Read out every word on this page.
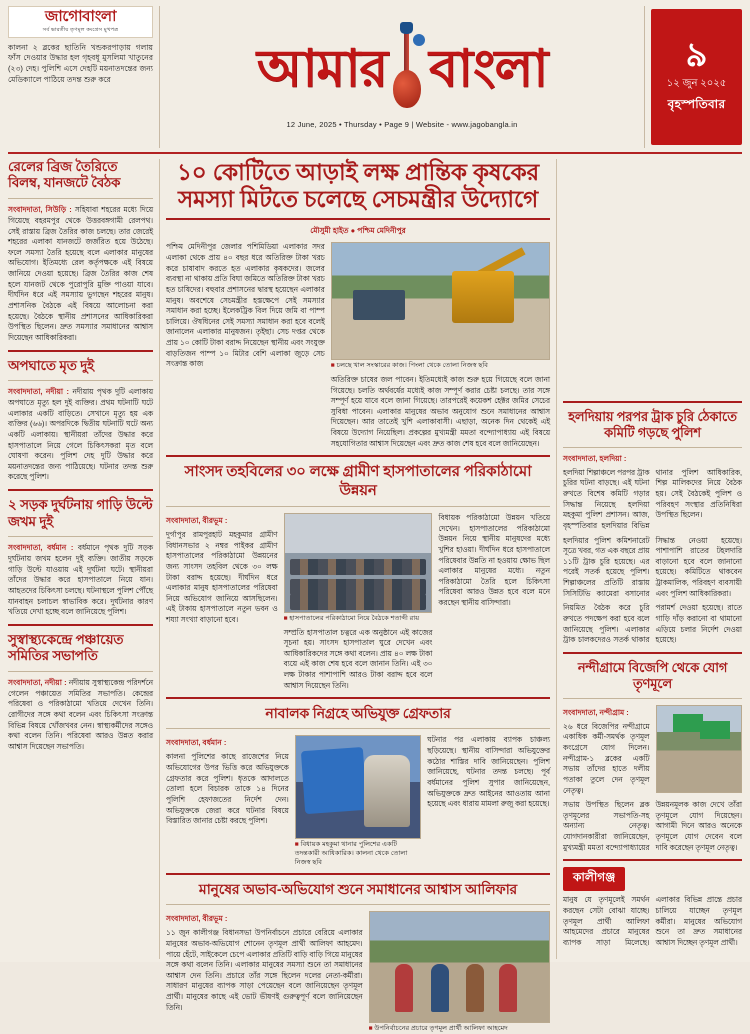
জাগোবাংলা
সর্ব ভারতীয় তৃণমূল কংগ্রেস মুখপত্র
কালনা ২ ব্লকের ছাতিনি খন্ডকরপাড়ায় গলায় ফাঁস দেওয়ার উদ্ধার হল গৃহবধূ মুসলিমা খাতুনের (২৩) দেহ। পুলিশি এসে দেহটি ময়নাতদন্তের জন্য মেডিক্যালে পাঠিয়ে তদন্ত শুরু করে	আমার বাংলা
12 June, 2025 • Thursday • Page 9 | Website - www.jagobangla.in
৯
১২ জুন ২০২৫
বৃহস্পতিবার
রেলের ব্রিজ তৈরিতে বিলম্ব, যানজটে বৈঠক
সংবাদদাতা, সিউড়ি : সহিযাবা শহরের মধ্যে দিয়ে গিয়েছে বহরমপুর থেকে উত্তরবঙ্গগামী রেলপথ। সেই রাস্তায় ব্রিজ তৈরির কাজ চলছে। তার জেরেই শহরের এলাকা যানজটে জর্জরিত হয়ে উঠেছে। ফলে সমস্যা তৈরি হয়েছে বলে এলাকার মানুষের অভিযোগ। ইতিমধ্যে রেল কর্তৃপক্ষকে এই বিষয়ে জানিয়ে দেওয়া হয়েছে। ব্রিজ তৈরির কাজ শেষ হলে যানজট থেকে পুরোপুরি মুক্তি পাওয়া যাবে। দীর্ঘদিন ধরে এই সমস্যায় ভুগছেন শহরের মানুষ। প্রশাসনিক বৈঠকে এই বিষয়ে আলোচনা করা হয়েছে। বৈঠকে স্থানীয় প্রশাসনের আধিকারিকরা উপস্থিত ছিলেন। দ্রুত সমস্যার সমাধানের আশ্বাস দিয়েছেন আধিকারিকরা।
অপঘাতে মৃত দুই
সংবাদদাতা, নদীয়া : নদীয়ায় পৃথক দুটি এলাকায় অপঘাতে মৃত্যু হল দুই ব্যক্তির। প্রথম ঘটনাটি ঘটে এলাকার একটি বাড়িতে। সেখানে মৃত্যু হয় এক ব্যক্তির (৬৬)। অপরদিকে দ্বিতীয় ঘটনাটি ঘটে অন্য একটি এলাকায়। স্থানীয়রা তাঁদের উদ্ধার করে হাসপাতালে নিয়ে গেলে চিকিৎসকরা মৃত বলে ঘোষণা করেন। পুলিশ দেহ দুটি উদ্ধার করে ময়নাতদন্তের জন্য পাঠিয়েছে। ঘটনার তদন্ত শুরু করেছে পুলিশ।
২ সড়ক দুর্ঘটনায় গাড়ি উল্টে জখম দুই
সংবাদদাতা, বর্ধমান : বর্ধমানে পৃথক দুটি সড়ক দুর্ঘটনায় জখম হলেন দুই ব্যক্তি। জাতীয় সড়কে গাড়ি উল্টে যাওয়ায় এই দুর্ঘটনা ঘটে। স্থানীয়রা তাঁদের উদ্ধার করে হাসপাতালে নিয়ে যান। আহতদের চিকিৎসা চলছে। ঘটনাস্থলে পুলিশ পৌঁছে যানবাহন চলাচল স্বাভাবিক করে। দুর্ঘটনার কারণ খতিয়ে দেখা হচ্ছে বলে জানিয়েছে পুলিশ।
সুস্বাস্থ্যকেন্দ্রে পঞ্চায়েত সমিতির সভাপতি
সংবাদদাতা, নদীয়া : নদীয়ায় সুস্বাস্থ্যকেন্দ্র পরিদর্শনে গেলেন পঞ্চায়েত সমিতির সভাপতি। কেন্দ্রের পরিষেবা ও পরিকাঠামো খতিয়ে দেখেন তিনি। রোগীদের সঙ্গে কথা বলেন এবং চিকিৎসা সংক্রান্ত বিভিন্ন বিষয়ে খোঁজখবর নেন। স্বাস্থ্যকর্মীদের সঙ্গেও কথা বলেন তিনি। পরিষেবা আরও উন্নত করার আশ্বাস দিয়েছেন সভাপতি।
১০ কোটিতে আড়াই লক্ষ প্রান্তিক কৃষকের সমস্যা মিটতে চলেছে সেচমন্ত্রীর উদ্যোগে
মৌসুমী হাইত ● পশ্চিম মেদিনীপুর
পশ্চিম মেদিনীপুর জেলার পশিমিডিয়া এলাকার সদর এলাকা থেকে প্রায় ৪০ বছর ধরে অতিরিক্ত টাকা খরচ করে চাষাবাদ করতে হত এলাকার কৃষকদের। জলের ব্যবস্থা না থাকায় প্রতি বিঘা জমিতে অতিরিক্ত টাকা খরচ হত চাষিদের। বহুবার প্রশাসনের দ্বারস্থ হয়েছেন এলাকার মানুষ। অবশেষে সেচমন্ত্রীর হস্তক্ষেপে সেই সমস্যার সমাধান করা হচ্ছে। ইলেকট্রিক বিল দিয়ে জমি বা পাম্প চালিয়ে। ঔষধিনের সেই সমস্যা সমাধান করা হবে বলেই জানালেন এলাকার মানুষজন। তৃইছা। সেচ দপ্তর থেকে প্রায় ১০ কোটি টাকা বরাদ্দ নিয়েছেন স্থানীয় এবং সংযুক্ত বাড়তিজন পাম্প ১০ মিটার বেশি এলাকা জুড়ে সেচ সংক্রান্ত কাজ	■ চলছে খাল সংস্কারের কাজ। পিংলা থেকে তোলা নিজস্ব ছবি
অতিরিক্ত চাষের জল পাবেন। ইতিমধ্যেই কাজ শুরু হয়ে গিয়েছে বলে জানা গিয়েছে। চলতি অর্থবর্ষের মধ্যেই কাজ সম্পূর্ণ করার চেষ্টা চলছে। তার সঙ্গে সম্পূর্ণ হয়ে যাবে বলে জানা গিয়েছে। তারপরেই কয়েকশ হেক্টর জমির সেচের সুবিধা পাবেন। এলাকার মানুষের অভাব অনুযোগ শুনে সমাধানের আশ্বাস দিয়েছেন। আর তাতেই খুশি এলাকাবাসী। এছাড়া, অনেক দিন থেকেই এই বিষয়ে উদ্যোগ নিয়েছিল। প্রকল্পের মুখ্যমন্ত্রী মমতা বন্দ্যোপাধ্যায় এই বিষয়ে সহযোগিতার আশ্বাস দিয়েছেন এবং দ্রুত কাজ শেষ হবে বলে জানিয়েছেন।
সাংসদ তহবিলের ৩০ লক্ষে গ্রামীণ হাসপাতালের পরিকাঠামো উন্নয়ন
সংবাদদাতা, বীরভূম :
দুর্গাপুর রামপুরহাট মহকুমার গ্রামীণ বিধানসভার ২ নম্বর পাইকর গ্রামীণ হাসপাতালের পরিকাঠামো উন্নয়নের জন্য সাংসদ তহবিল থেকে ৩০ লক্ষ টাকা বরাদ্দ হয়েছে। দীর্ঘদিন ধরে এলাকার মানুষ হাসপাতালের পরিষেবা নিয়ে অভিযোগ জানিয়ে আসছিলেন। এই টাকায় হাসপাতালে নতুন ভবন ও শয্যা সংখ্যা বাড়ানো হবে।	■ হাসপাতালের পরিকাঠামো নিয়ে বৈঠকে শতাব্দী রায়
সম্প্রতি হাসপাতাল চত্বরে এক অনুষ্ঠানে এই কাজের সূচনা হয়। সাংসদ হাসপাতাল ঘুরে দেখেন এবং আধিকারিকদের সঙ্গে কথা বলেন। প্রায় ৪০ লক্ষ টাকা ব্যয়ে এই কাজ শেষ হবে বলে জানান তিনি। এই ৩০ লক্ষ টাকার পাশাপাশি আরও টাকা বরাদ্দ হবে বলে আশ্বাস দিয়েছেন তিনি।
বিধায়ক পরিকাঠামো উন্নয়ন খতিয়ে দেখেন। হাসপাতালের পরিকাঠামো উন্নয়ন নিয়ে স্থানীয় মানুষদের মধ্যে খুশির হাওয়া। দীর্ঘদিন ধরে হাসপাতালে পরিষেবার উন্নতি না হওয়ায় ক্ষোভ ছিল এলাকার মানুষের মধ্যে। নতুন পরিকাঠামো তৈরি হলে চিকিৎসা পরিষেবা আরও উন্নত হবে বলে মনে করছেন স্থানীয় বাসিন্দারা।
নাবালক নিগ্রহে অভিযুক্ত গ্রেফতার
সংবাদদাতা, বর্ধমান :
কালনা পুলিশের কাছে রাজেশের নিয়ে অভিযোগের উপর ভিত্তি করে অভিযুক্তকে গ্রেফতার করে পুলিশ। ধৃতকে আদালতে তোলা হলে বিচারক তাকে ১৪ দিনের পুলিশি হেফাজতের নির্দেশ দেন। অভিযুক্তকে জেরা করে ঘটনার বিষয়ে বিস্তারিত জানার চেষ্টা করছে পুলিশ।
■ বিধায়ক মহকুমা থানার পুলিশের একটি তদন্তকারী আধিকারিক। কালনা থেকে তোলা নিজস্ব ছবি
ঘটনার পর এলাকায় ব্যাপক চাঞ্চল্য ছড়িয়েছে। স্থানীয় বাসিন্দারা অভিযুক্তের কঠোর শাস্তির দাবি জানিয়েছেন। পুলিশ জানিয়েছে, ঘটনার তদন্ত চলছে। পূর্ব বর্ধমানের পুলিশ সুপার জানিয়েছেন, অভিযুক্তকে দ্রুত আইনের আওতায় আনা হয়েছে এবং ধারায় মামলা রুজু করা হয়েছে।
মানুষের অভাব-অভিযোগ শুনে সমাধানের আশ্বাস আলিফার
সংবাদদাতা, বীরভূম :
১১ জুন কালীগঞ্জ বিধানসভা উপনির্বাচনে প্রচারে বেরিয়ে এলাকার মানুষের অভাব-অভিযোগ শোনেন তৃণমূল প্রার্থী আলিফা আহমেদ। পায়ে হেঁটে, সাইকেলে চেপে এলাকার প্রতিটি বাড়ি বাড়ি গিয়ে মানুষের সঙ্গে কথা বলেন তিনি। এলাকার মানুষের সমস্যা শুনে তা সমাধানের আশ্বাস দেন তিনি। প্রচারে তাঁর সঙ্গে ছিলেন দলের নেতা-কর্মীরা। সাধারণ মানুষের ব্যাপক সাড়া পেয়েছেন বলে জানিয়েছেন তৃণমূল প্রার্থী। মানুষের কাছে এই ভোট ভীষণই গুরুত্বপূর্ণ বলে জানিয়েছেন তিনি।
■ উপনির্বাচনের প্রচারে তৃণমূল প্রার্থী আলিফা আহমেদ
হলদিয়ায় পরপর ট্রাক চুরি ঠেকাতে কমিটি গড়ছে পুলিশ
সংবাদদাতা, হলদিয়া :
হলদিয়া শিল্পাঞ্চলে পরপর ট্রাক চুরির ঘটনা বাড়ছে। এই ঘটনা রুখতে বিশেষ কমিটি গড়ার সিদ্ধান্ত নিয়েছে হলদিয়া মহকুমা পুলিশ প্রশাসন। আজ, বৃহস্পতিবার হলদিয়ার বিভিন্ন থানার পুলিশ আধিকারিক, শিল্প মালিকদের নিয়ে বৈঠক হয়। সেই বৈঠকেই পুলিশ ও পরিবহণ সংস্থার প্রতিনিধিরা উপস্থিত ছিলেন।
হলদিয়ার পুলিশ কমিশনারেট সূত্রে খবর, গত এক বছরে প্রায় ১১টি ট্রাক চুরি হয়েছে। এর পরেই সতর্ক হয়েছে পুলিশ। শিল্পাঞ্চলের প্রতিটি রাস্তায় সিসিটিভি ক্যামেরা বসানোর সিদ্ধান্ত নেওয়া হয়েছে। পাশাপাশি রাতের টহলদারি বাড়ানো হবে বলে জানানো হয়েছে। কমিটিতে থাকবেন ট্রাকমালিক, পরিবহণ ব্যবসায়ী এবং পুলিশ আধিকারিকরা।
নিয়মিত বৈঠক করে চুরি রুখতে পদক্ষেপ করা হবে বলে জানিয়েছে পুলিশ। এলাকার ট্রাক চালকদেরও সতর্ক থাকার পরামর্শ দেওয়া হয়েছে। রাতে গাড়ি দাঁড় করানো বা থামানো এড়িয়ে চলার নির্দেশ দেওয়া হয়েছে।
নন্দীগ্রামে বিজেপি থেকে যোগ তৃণমূলে
সংবাদদাতা, নন্দীগ্রাম :
২৬ ধরে বিজেপির নন্দীগ্রামে একাধিক কর্মী-সমর্থক তৃণমূল কংগ্রেসে যোগ দিলেন। নন্দীগ্রাম-১ ব্লকের একটি সভায় তাঁদের হাতে দলীয় পতাকা তুলে দেন তৃণমূল নেতৃত্ব।
সভায় উপস্থিত ছিলেন ব্লক তৃণমূলের সভাপতি-সহ অন্যান্য নেতৃত্ব। যোগদানকারীরা জানিয়েছেন, মুখ্যমন্ত্রী মমতা বন্দ্যোপাধ্যায়ের উন্নয়নমূলক কাজ দেখে তাঁরা তৃণমূলে যোগ দিয়েছেন। আগামী দিনে আরও অনেকে তৃণমূলে যোগ দেবেন বলে দাবি করেছেন তৃণমূল নেতৃত্ব।
কালীগঞ্জ
মানুষ যে তৃণমূলেই সমর্থন করছেন সেটা বোঝা যাচ্ছে। তৃণমূল প্রার্থী আলিফা আহমেদের প্রচারে মানুষের ব্যাপক সাড়া মিলেছে। এলাকার বিভিন্ন প্রান্তে প্রচার চালিয়ে যাচ্ছেন তৃণমূল কর্মীরা। মানুষের অভিযোগ শুনে তা দ্রুত সমাধানের আশ্বাস দিচ্ছেন তৃণমূল প্রার্থী।
